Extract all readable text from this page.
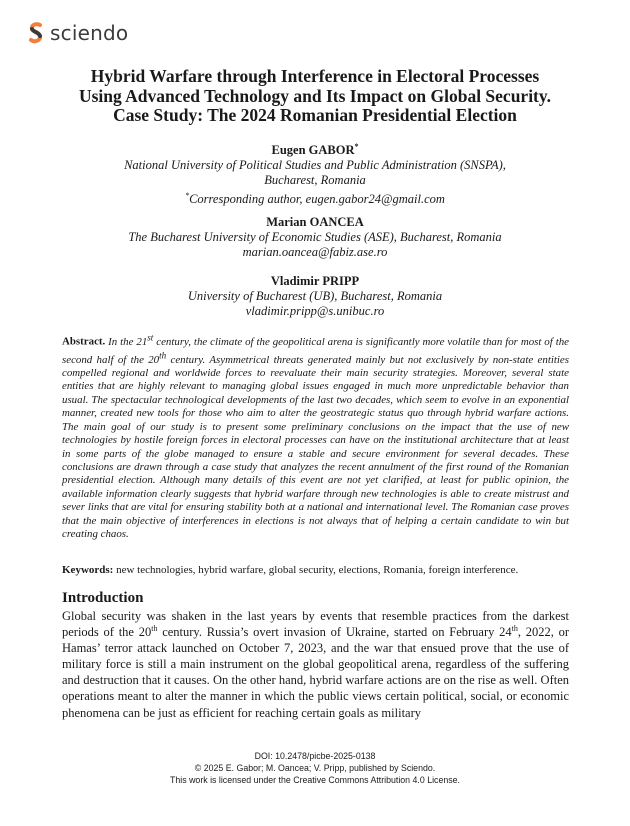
sciendo
Hybrid Warfare through Interference in Electoral Processes
Using Advanced Technology and Its Impact on Global Security.
Case Study: The 2024 Romanian Presidential Election
Eugen GABOR*
National University of Political Studies and Public Administration (SNSPA),
Bucharest, Romania
*Corresponding author, eugen.gabor24@gmail.com
Marian OANCEA
The Bucharest University of Economic Studies (ASE), Bucharest, Romania
marian.oancea@fabiz.ase.ro
Vladimir PRIPP
University of Bucharest (UB), Bucharest, Romania
vladimir.pripp@s.unibuc.ro
Abstract. In the 21st century, the climate of the geopolitical arena is significantly more volatile than for most of the second half of the 20th century. Asymmetrical threats generated mainly but not exclusively by non-state entities compelled regional and worldwide forces to reevaluate their main security strategies. Moreover, several state entities that are highly relevant to managing global issues engaged in much more unpredictable behavior than usual. The spectacular technological developments of the last two decades, which seem to evolve in an exponential manner, created new tools for those who aim to alter the geostrategic status quo through hybrid warfare actions. The main goal of our study is to present some preliminary conclusions on the impact that the use of new technologies by hostile foreign forces in electoral processes can have on the institutional architecture that at least in some parts of the globe managed to ensure a stable and secure environment for several decades. These conclusions are drawn through a case study that analyzes the recent annulment of the first round of the Romanian presidential election. Although many details of this event are not yet clarified, at least for public opinion, the available information clearly suggests that hybrid warfare through new technologies is able to create mistrust and sever links that are vital for ensuring stability both at a national and international level. The Romanian case proves that the main objective of interferences in elections is not always that of helping a certain candidate to win but creating chaos.
Keywords: new technologies, hybrid warfare, global security, elections, Romania, foreign interference.
Introduction
Global security was shaken in the last years by events that resemble practices from the darkest periods of the 20th century. Russia’s overt invasion of Ukraine, started on February 24th, 2022, or Hamas’ terror attack launched on October 7, 2023, and the war that ensued prove that the use of military force is still a main instrument on the global geopolitical arena, regardless of the suffering and destruction that it causes. On the other hand, hybrid warfare actions are on the rise as well. Often operations meant to alter the manner in which the public views certain political, social, or economic phenomena can be just as efficient for reaching certain goals as military
DOI: 10.2478/picbe-2025-0138
© 2025 E. Gabor; M. Oancea; V. Pripp, published by Sciendo.
This work is licensed under the Creative Commons Attribution 4.0 License.
